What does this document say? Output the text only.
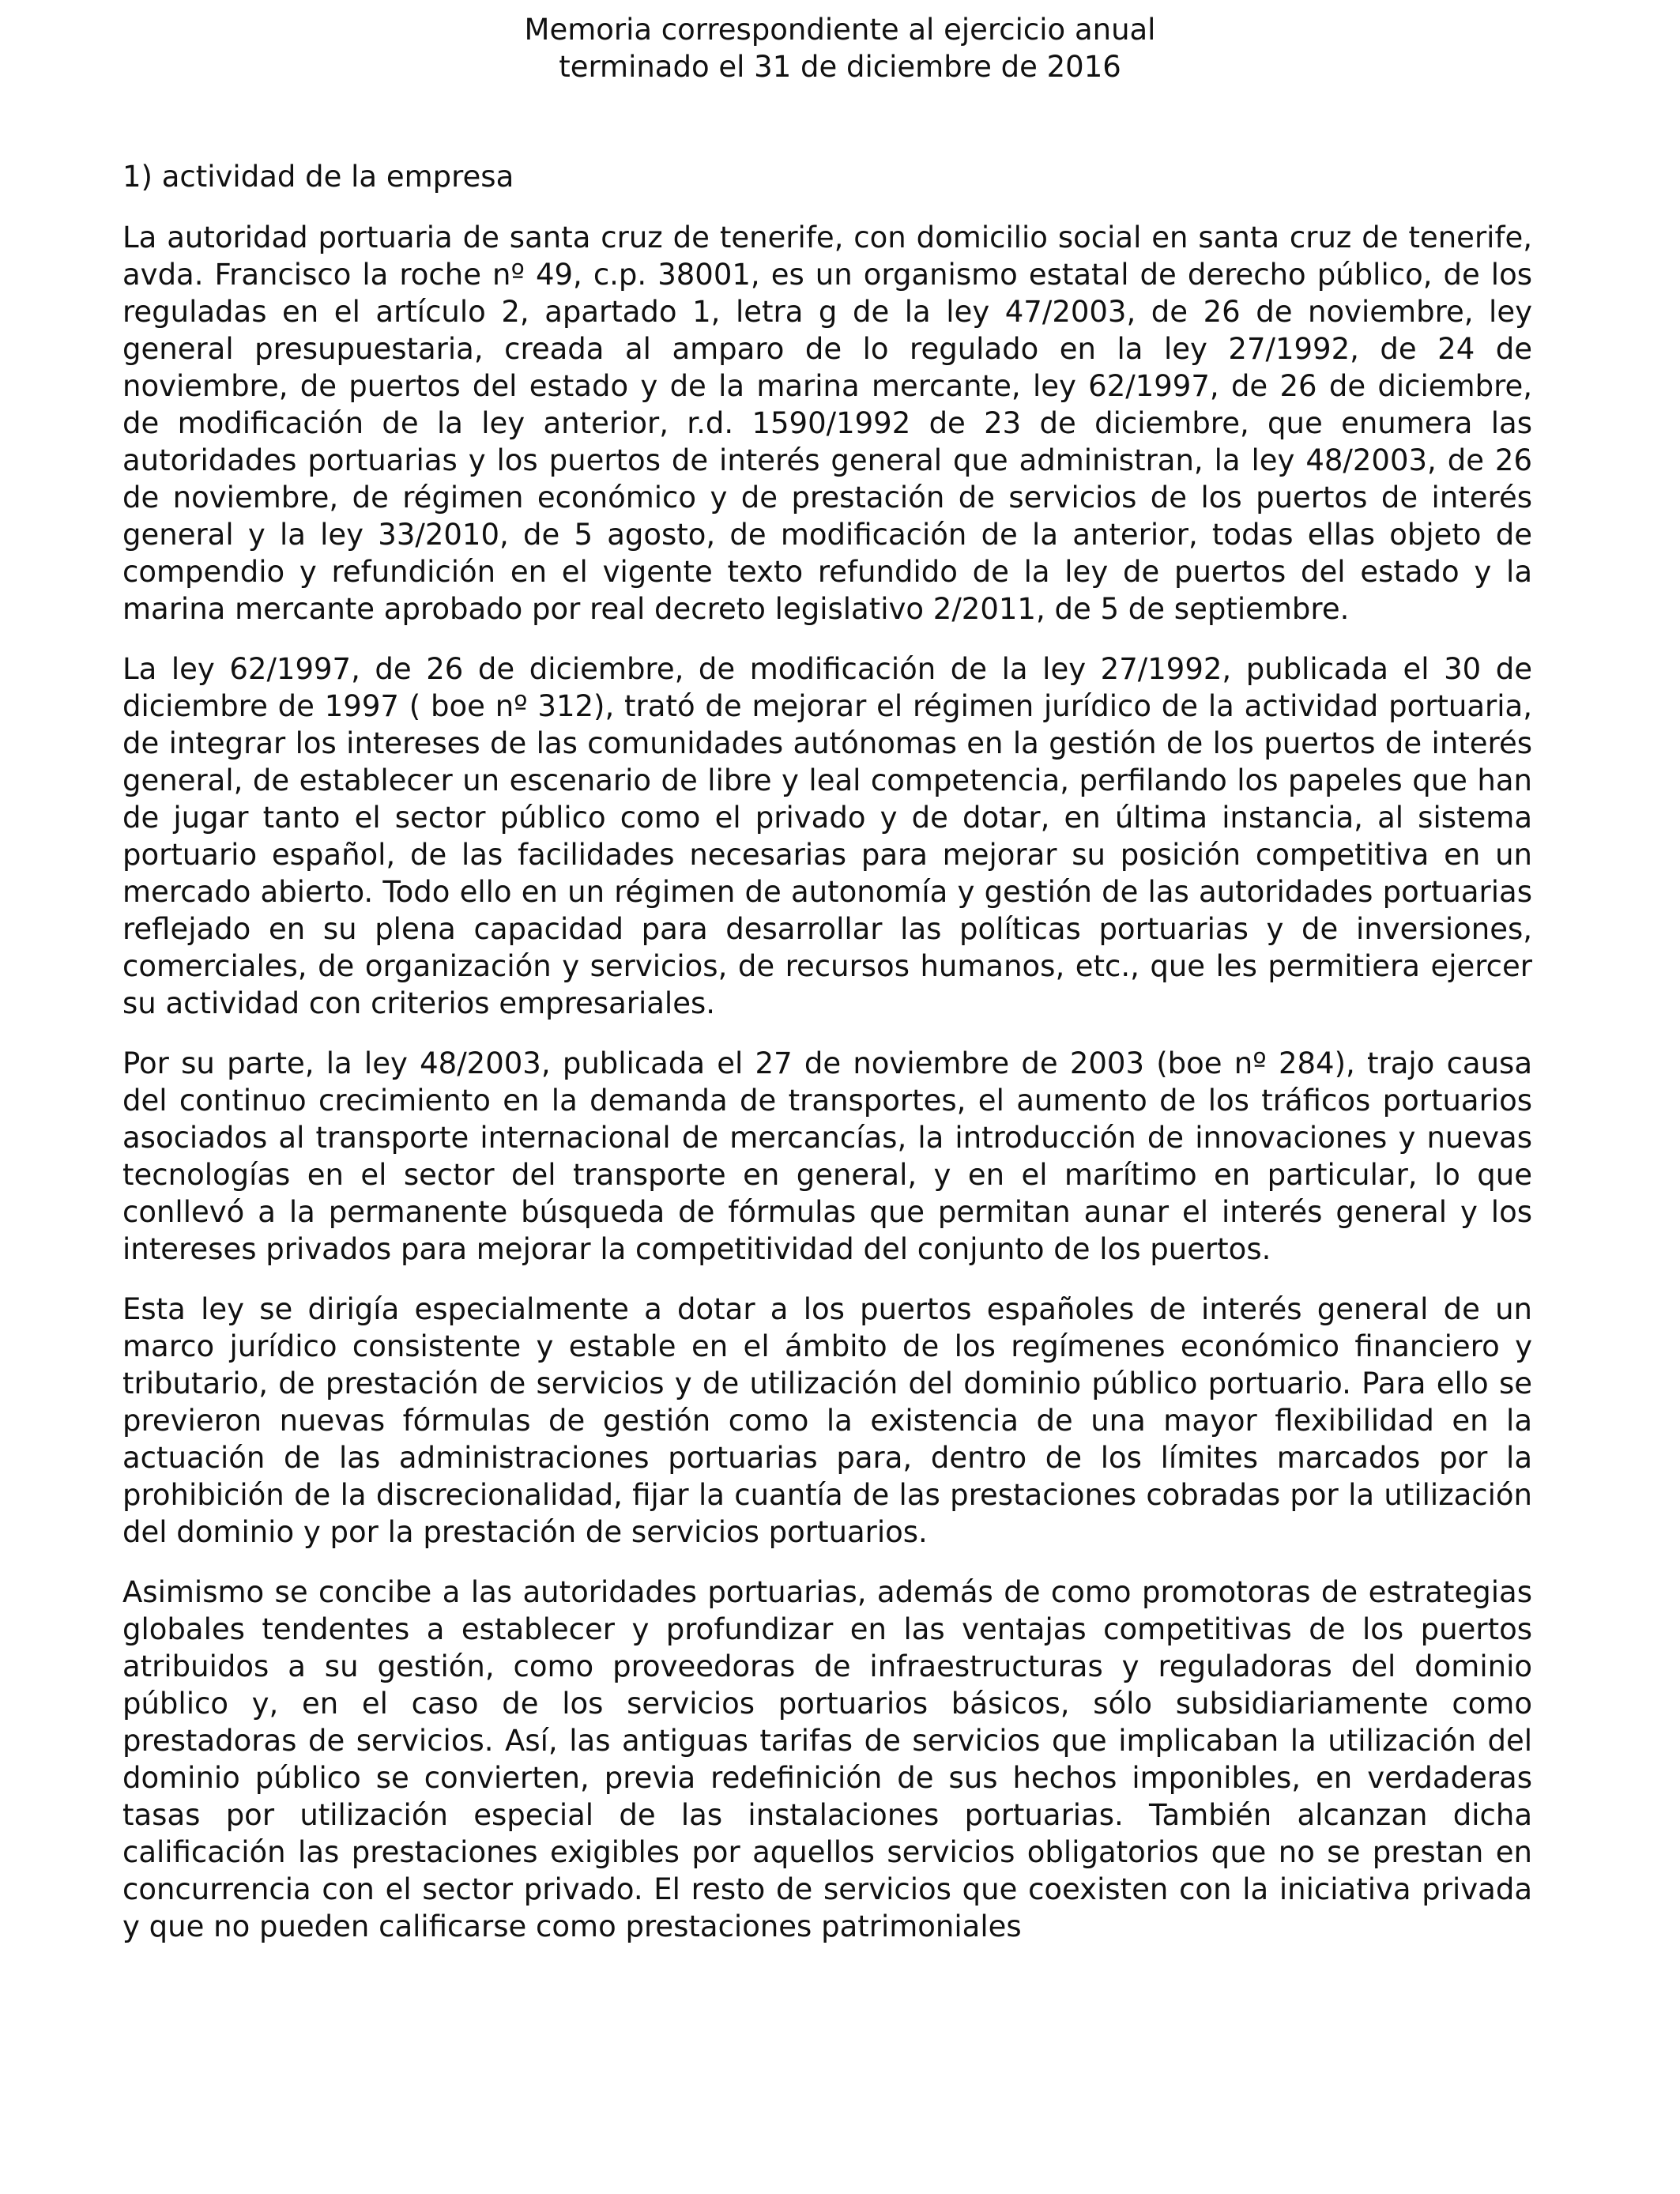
Memoria correspondiente al ejercicio anual
terminado el 31 de diciembre de 2016
1) actividad de la empresa

La autoridad portuaria de santa cruz de tenerife, con domicilio social en santa cruz de tenerife, avda. Francisco la roche nº 49, c.p. 38001, es un organismo estatal de derecho público, de los reguladas en el artículo 2, apartado 1, letra g de la ley 47/2003, de 26 de noviembre, ley general presupuestaria, creada al amparo de lo regulado en la ley 27/1992, de 24 de noviembre, de puertos del estado y de la marina mercante, ley 62/1997, de 26 de diciembre, de modificación de la ley anterior, r.d. 1590/1992 de 23 de diciembre, que enumera las autoridades portuarias y los puertos de interés general que administran, la ley 48/2003, de 26 de noviembre, de régimen económico y de prestación de servicios de los puertos de interés general y la ley 33/2010, de 5 agosto, de modificación de la anterior, todas ellas objeto de compendio y refundición en el vigente texto refundido de la ley de puertos del estado y la marina mercante aprobado por real decreto legislativo 2/2011, de 5 de septiembre.

La ley 62/1997, de 26 de diciembre, de modificación de la ley 27/1992, publicada el 30 de diciembre de 1997 ( boe nº 312), trató de mejorar el régimen jurídico de la actividad portuaria, de integrar los intereses de las comunidades autónomas en la gestión de los puertos de interés general, de establecer un escenario de libre y leal competencia, perfilando los papeles que han de jugar tanto el sector público como el privado y de dotar, en última instancia, al sistema portuario español, de las facilidades necesarias para mejorar su posición competitiva en un mercado abierto. Todo ello en un régimen de autonomía y gestión de las autoridades portuarias reflejado en su plena capacidad para desarrollar las políticas portuarias y de inversiones, comerciales, de organización y servicios, de recursos humanos, etc., que les permitiera ejercer su actividad con criterios empresariales.

Por su parte, la ley 48/2003, publicada el 27 de noviembre de 2003 (boe nº 284), trajo causa del continuo crecimiento en la demanda de transportes, el aumento de los tráficos portuarios asociados al transporte internacional de mercancías, la introducción de innovaciones y nuevas tecnologías en el sector del transporte en general, y en el marítimo en particular, lo que conllevó a la permanente búsqueda de fórmulas que permitan aunar el interés general y los intereses privados para mejorar la competitividad del conjunto de los puertos.

Esta ley se dirigía especialmente a dotar a los puertos españoles de interés general de un marco jurídico consistente y estable en el ámbito de los regímenes económico financiero y tributario, de prestación de servicios y de utilización del dominio público portuario. Para ello se previeron nuevas fórmulas de gestión como la existencia de una mayor flexibilidad en la actuación de las administraciones portuarias para, dentro de los límites marcados por la prohibición de la discrecionalidad, fijar la cuantía de las prestaciones cobradas por la utilización del dominio y por la prestación de servicios portuarios.

Asimismo se concibe a las autoridades portuarias, además de como promotoras de estrategias globales tendentes a establecer y profundizar en las ventajas competitivas de los puertos atribuidos a su gestión, como proveedoras de infraestructuras y reguladoras del dominio público y, en el caso de los servicios portuarios básicos, sólo subsidiariamente como prestadoras de servicios. Así, las antiguas tarifas de servicios que implicaban la utilización del dominio público se convierten, previa redefinición de sus hechos imponibles, en verdaderas tasas por utilización especial de las instalaciones portuarias. También alcanzan dicha calificación las prestaciones exigibles por aquellos servicios obligatorios que no se prestan en concurrencia con el sector privado. El resto de servicios que coexisten con la iniciativa privada y que no pueden calificarse como prestaciones patrimoniales
